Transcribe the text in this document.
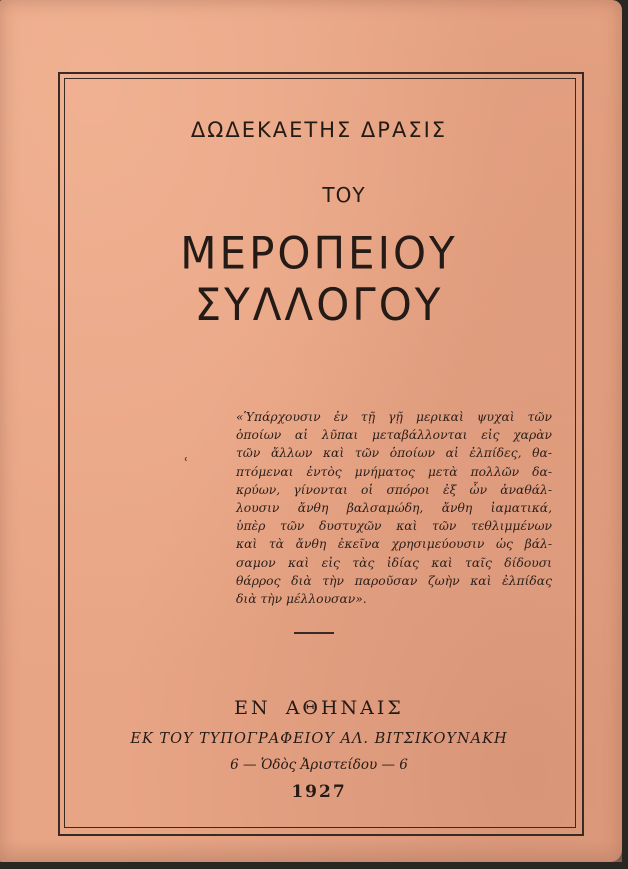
ΔΩΔΕΚΑΕΤΗΣ ΔΡΑΣΙΣ
ΤΟΥ
ΜΕΡΟΠΕΙΟΥ ΣΥΛΛΟΓΟΥ
ʿ
«Ὑπάρχουσιν ἐν τῇ γῇ μερικαὶ ψυχαὶ τῶν
ὁποίων αἱ λῦπαι μεταβάλλονται εἰς χαρὰν
τῶν ἄλλων καὶ τῶν ὁποίων αἱ ἐλπίδες, θα-
πτόμεναι ἐντὸς μνήματος μετὰ πολλῶν δα-
κρύων, γίνονται οἱ σπόροι ἐξ ὧν ἀναθάλ-
λουσιν ἄνθη βαλσαμώδη, ἄνθη ἰαματικά,
ὑπὲρ τῶν δυστυχῶν καὶ τῶν τεθλιμμένων
καὶ τὰ ἄνθη ἐκεῖνα χρησιμεύουσιν ὡς βάλ-
σαμον καὶ εἰς τὰς ἰδίας καὶ ταῖς δίδουσι
θάρρος διὰ τὴν παροῦσαν ζωὴν καὶ ἐλπίδας
διὰ τὴν μέλλουσαν».
ΕΝ ΑΘΗΝΑΙΣ
ΕΚ ΤΟΥ ΤΥΠΟΓΡΑΦΕΙΟΥ ΑΛ. ΒΙΤΣΙΚΟΥΝΑΚΗ
6 — Ὁδὸς Ἀριστείδου — 6
1927
